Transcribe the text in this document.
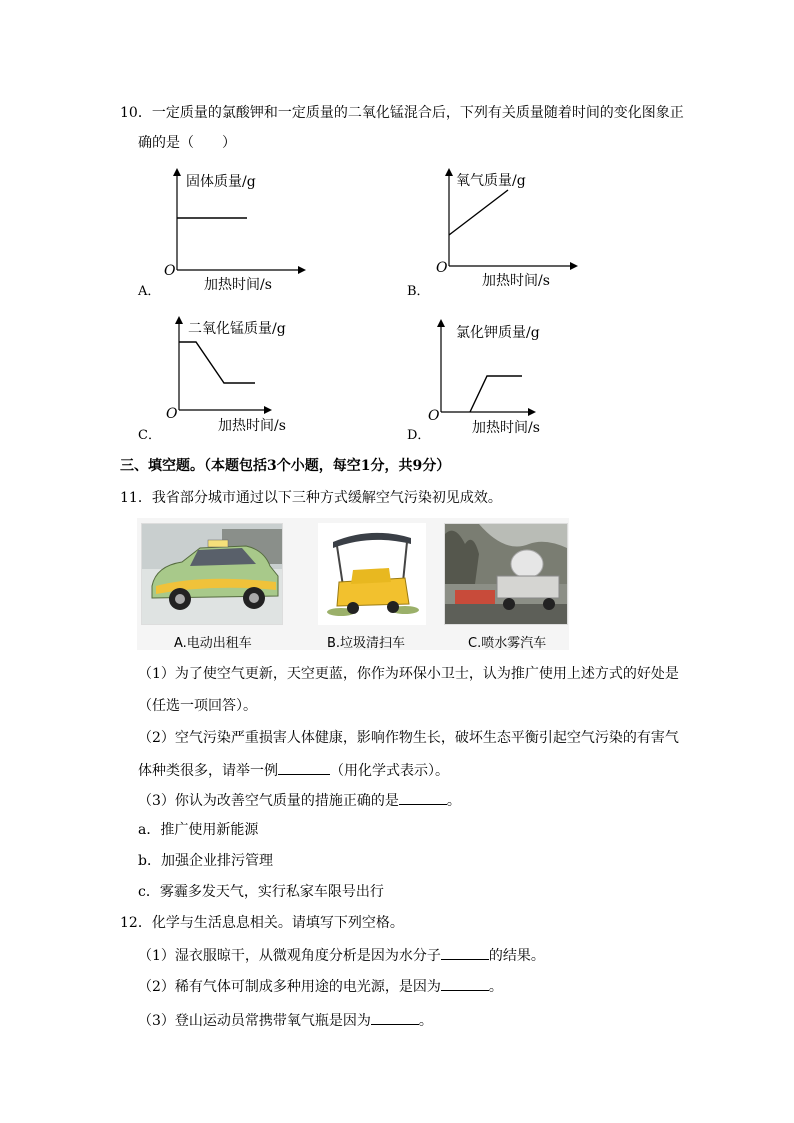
10．一定质量的氯酸钾和一定质量的二氧化锰混合后，下列有关质量随着时间的变化图象正
确的是（　　）
固体质量/g
O
加热时间/s
A．
氧气质量/g
O
加热时间/s
B．
二氧化锰质量/g
O
加热时间/s
C．
氯化钾质量/g
O
加热时间/s
D．
三、填空题。（本题包括3个小题，每空1分，共9分）
11．我省部分城市通过以下三种方式缓解空气污染初见成效。
A.电动出租车	B.垃圾清扫车	C.喷水雾汽车
（1）为了使空气更新，天空更蓝，你作为环保小卫士，认为推广使用上述方式的好处是
（任选一项回答）。
（2）空气污染严重损害人体健康，影响作物生长，破坏生态平衡引起空气污染的有害气
体种类很多，请举一例	（用化学式表示）。
（3）你认为改善空气质量的措施正确的是	。
a．推广使用新能源
b．加强企业排污管理
c．雾霾多发天气，实行私家车限号出行
12．化学与生活息息相关。请填写下列空格。
（1）湿衣服晾干，从微观角度分析是因为水分子	的结果。
（2）稀有气体可制成多种用途的电光源，是因为	。
（3）登山运动员常携带氧气瓶是因为	。
